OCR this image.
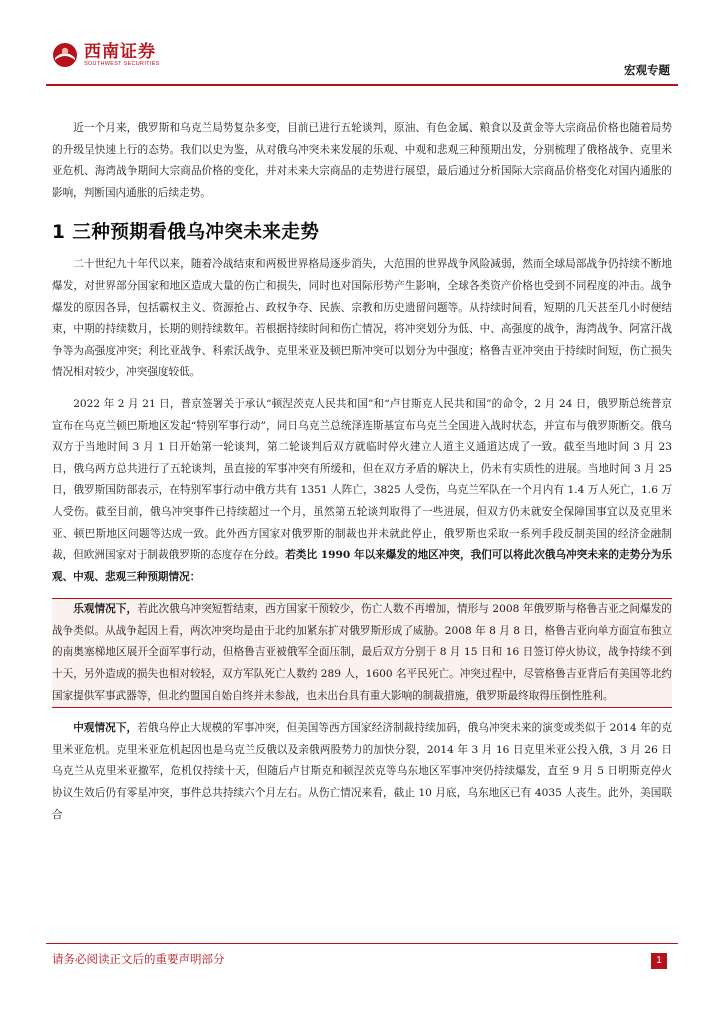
西南证券
SOUTHWEST SECURITIES	宏观专题

近一个月来，俄罗斯和乌克兰局势复杂多变，目前已进行五轮谈判，原油、有色金属、粮食以及黄金等大宗商品价格也随着局势的升级呈快速上行的态势。我们以史为鉴，从对俄乌冲突未来发展的乐观、中观和悲观三种预期出发，分别梳理了俄格战争、克里米亚危机、海湾战争期间大宗商品价格的变化，并对未来大宗商品的走势进行展望，最后通过分析国际大宗商品价格变化对国内通胀的影响，判断国内通胀的后续走势。

1 三种预期看俄乌冲突未来走势

二十世纪九十年代以来，随着冷战结束和两极世界格局逐步消失，大范围的世界战争风险减弱，然而全球局部战争仍持续不断地爆发，对世界部分国家和地区造成大量的伤亡和损失，同时也对国际形势产生影响，全球各类资产价格也受到不同程度的冲击。战争爆发的原因各异，包括霸权主义、资源抢占、政权争夺、民族、宗教和历史遗留问题等。从持续时间看，短期的几天甚至几小时便结束，中期的持续数月，长期的则持续数年。若根据持续时间和伤亡情况，将冲突划分为低、中、高强度的战争，海湾战争、阿富汗战争等为高强度冲突；利比亚战争、科索沃战争、克里米亚及顿巴斯冲突可以划分为中强度；格鲁吉亚冲突由于持续时间短，伤亡损失情况相对较少，冲突强度较低。

2022 年 2 月 21 日，普京签署关于承认“顿涅茨克人民共和国”和“卢甘斯克人民共和国”的命令，2 月 24 日，俄罗斯总统普京宣布在乌克兰顿巴斯地区发起“特别军事行动”，同日乌克兰总统泽连斯基宣布乌克兰全国进入战时状态，并宣布与俄罗斯断交。俄乌双方于当地时间 3 月 1 日开始第一轮谈判，第二轮谈判后双方就临时停火建立人道主义通道达成了一致。截至当地时间 3 月 23 日，俄乌两方总共进行了五轮谈判，虽直接的军事冲突有所缓和，但在双方矛盾的解决上，仍未有实质性的进展。当地时间 3 月 25 日，俄罗斯国防部表示，在特别军事行动中俄方共有 1351 人阵亡，3825 人受伤，乌克兰军队在一个月内有 1.4 万人死亡，1.6 万人受伤。截至目前，俄乌冲突事件已持续超过一个月，虽然第五轮谈判取得了一些进展，但双方仍未就安全保障国事宜以及克里米亚、顿巴斯地区问题等达成一致。此外西方国家对俄罗斯的制裁也并未就此停止，俄罗斯也采取一系列手段反制美国的经济金融制裁，但欧洲国家对于制裁俄罗斯的态度存在分歧。若类比 1990 年以来爆发的地区冲突，我们可以将此次俄乌冲突未来的走势分为乐观、中观、悲观三种预期情况：

乐观情况下，若此次俄乌冲突短暂结束，西方国家干预较少，伤亡人数不再增加，情形与 2008 年俄罗斯与格鲁吉亚之间爆发的战争类似。从战争起因上看，两次冲突均是由于北约加紧东扩对俄罗斯形成了威胁。2008 年 8 月 8 日，格鲁吉亚向单方面宣布独立的南奥塞梯地区展开全面军事行动，但格鲁吉亚被俄军全面压制，最后双方分别于 8 月 15 日和 16 日签订停火协议，战争持续不到十天，另外造成的损失也相对较轻，双方军队死亡人数约 289 人，1600 名平民死亡。冲突过程中，尽管格鲁吉亚背后有美国等北约国家提供军事武器等，但北约盟国自始自终并未参战，也未出台具有重大影响的制裁措施，俄罗斯最终取得压倒性胜利。

中观情况下，若俄乌停止大规模的军事冲突，但美国等西方国家经济制裁持续加码，俄乌冲突未来的演变或类似于 2014 年的克里米亚危机。克里米亚危机起因也是乌克兰反俄以及亲俄两股势力的加快分裂，2014 年 3 月 16 日克里米亚公投入俄，3 月 26 日乌克兰从克里米亚撤军，危机仅持续十天，但随后卢甘斯克和顿涅茨克等乌东地区军事冲突仍持续爆发，直至 9 月 5 日明斯克停火协议生效后仍有零星冲突，事件总共持续六个月左右。从伤亡情况来看，截止 10 月底，乌东地区已有 4035 人丧生。此外，美国联合

请务必阅读正文后的重要声明部分	1
